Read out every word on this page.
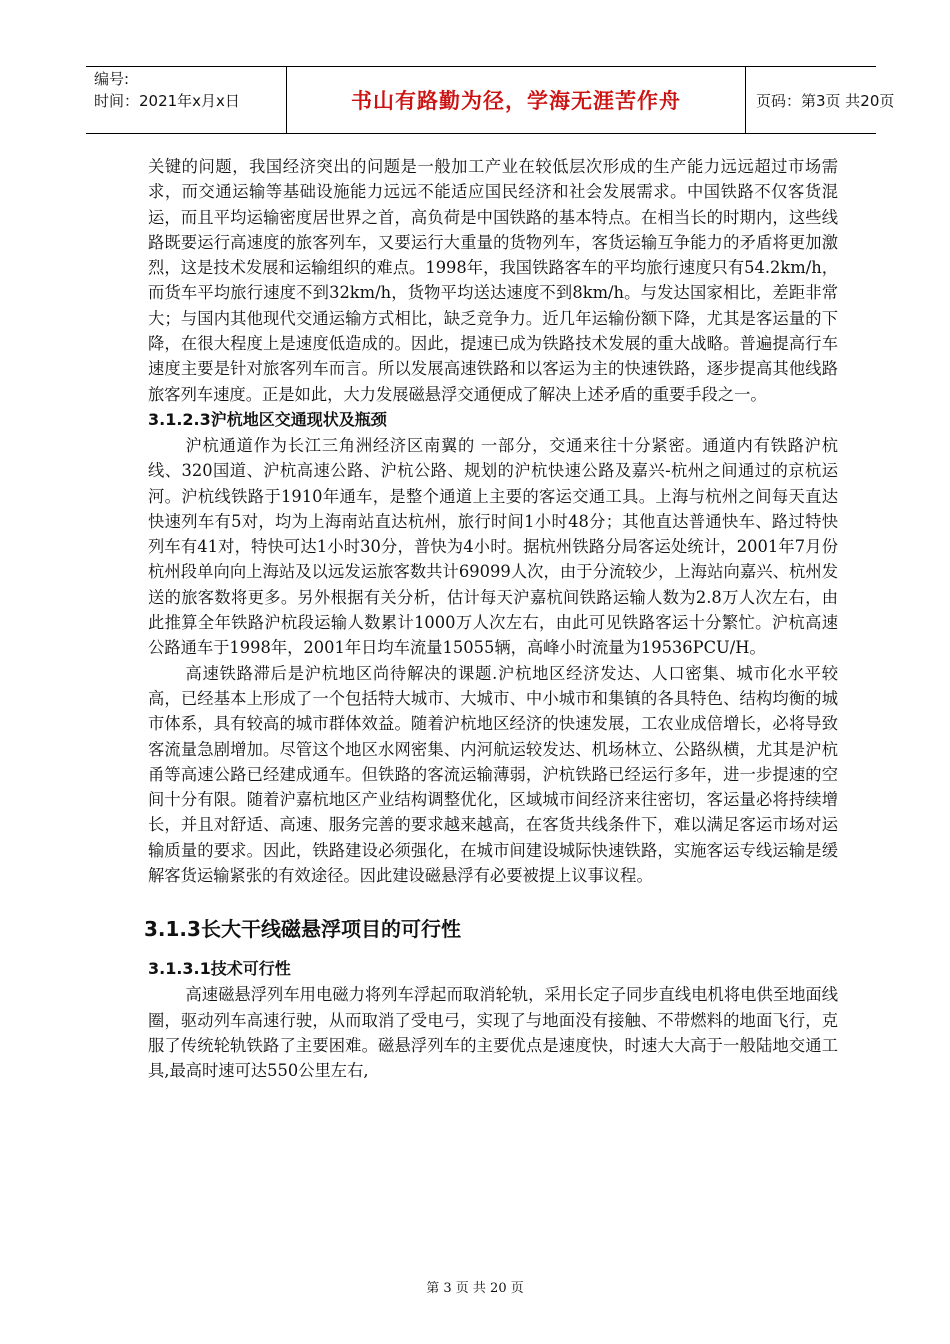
编号:
时间：2021年x月x日	书山有路勤为径，学海无涯苦作舟	页码：第3页 共20页

关键的问题，我国经济突出的问题是一般加工产业在较低层次形成的生产能力远远超过市场需求，而交通运输等基础设施能力远远不能适应国民经济和社会发展需求。中国铁路不仅客货混运，而且平均运输密度居世界之首，高负荷是中国铁路的基本特点。在相当长的时期内，这些线路既要运行高速度的旅客列车，又要运行大重量的货物列车，客货运输互争能力的矛盾将更加激烈，这是技术发展和运输组织的难点。1998年，我国铁路客车的平均旅行速度只有54.2km/h，而货车平均旅行速度不到32km/h，货物平均送达速度不到8km/h。与发达国家相比，差距非常大；与国内其他现代交通运输方式相比，缺乏竞争力。近几年运输份额下降，尤其是客运量的下降，在很大程度上是速度低造成的。因此，提速已成为铁路技术发展的重大战略。普遍提高行车速度主要是针对旅客列车而言。所以发展高速铁路和以客运为主的快速铁路，逐步提高其他线路旅客列车速度。正是如此，大力发展磁悬浮交通便成了解决上述矛盾的重要手段之一。

3.1.2.3沪杭地区交通现状及瓶颈

沪杭通道作为长江三角洲经济区南翼的 一部分，交通来往十分紧密。通道内有铁路沪杭线、320国道、沪杭高速公路、沪杭公路、规划的沪杭快速公路及嘉兴-杭州之间通过的京杭运河。沪杭线铁路于1910年通车，是整个通道上主要的客运交通工具。上海与杭州之间每天直达快速列车有5对，均为上海南站直达杭州，旅行时间1小时48分；其他直达普通快车、路过特快列车有41对，特快可达1小时30分，普快为4小时。据杭州铁路分局客运处统计，2001年7月份杭州段单向向上海站及以远发运旅客数共计69099人次，由于分流较少，上海站向嘉兴、杭州发送的旅客数将更多。另外根据有关分析，估计每天沪嘉杭间铁路运输人数为2.8万人次左右，由此推算全年铁路沪杭段运输人数累计1000万人次左右，由此可见铁路客运十分繁忙。沪杭高速公路通车于1998年，2001年日均车流量15055辆，高峰小时流量为19536PCU/H。

高速铁路滞后是沪杭地区尚待解决的课题.沪杭地区经济发达、人口密集、城市化水平较高，已经基本上形成了一个包括特大城市、大城市、中小城市和集镇的各具特色、结构均衡的城市体系，具有较高的城市群体效益。随着沪杭地区经济的快速发展，工农业成倍增长，必将导致客流量急剧增加。尽管这个地区水网密集、内河航运较发达、机场林立、公路纵横，尤其是沪杭甬等高速公路已经建成通车。但铁路的客流运输薄弱，沪杭铁路已经运行多年，进一步提速的空间十分有限。随着沪嘉杭地区产业结构调整优化，区域城市间经济来往密切，客运量必将持续增长，并且对舒适、高速、服务完善的要求越来越高，在客货共线条件下，难以满足客运市场对运输质量的要求。因此，铁路建设必须强化，在城市间建设城际快速铁路，实施客运专线运输是缓解客货运输紧张的有效途径。因此建设磁悬浮有必要被提上议事议程。

3.1.3长大干线磁悬浮项目的可行性

3.1.3.1技术可行性

高速磁悬浮列车用电磁力将列车浮起而取消轮轨，采用长定子同步直线电机将电供至地面线圈，驱动列车高速行驶，从而取消了受电弓，实现了与地面没有接触、不带燃料的地面飞行，克服了传统轮轨铁路了主要困难。磁悬浮列车的主要优点是速度快，时速大大高于一般陆地交通工具,最高时速可达550公里左右,

第 3 页 共 20 页
